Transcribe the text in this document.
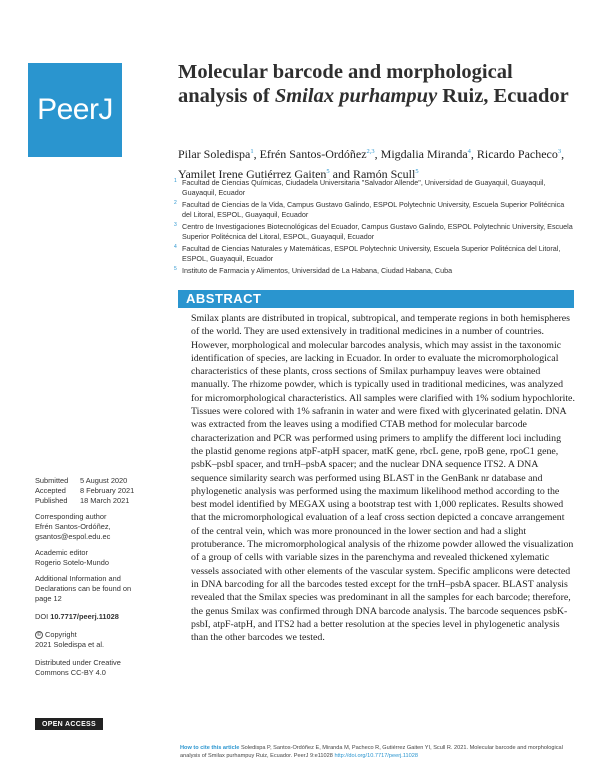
PeerJ
Molecular barcode and morphological analysis of Smilax purhampuy Ruiz, Ecuador
Pilar Soledispa$^1$, Efrén Santos-Ordóñez$^{2,3}$, Migdalia Miranda$^4$, Ricardo Pacheco$^3$, Yamilet Irene Gutiérrez Gaiten$^5$ and Ramón Scull$^5$
1 Facultad de Ciencias Químicas, Ciudadela Universitaria "Salvador Allende", Universidad de Guayaquil, Guayaquil, Guayaquil, Ecuador
2 Facultad de Ciencias de la Vida, Campus Gustavo Galindo, ESPOL Polytechnic University, Escuela Superior Politécnica del Litoral, ESPOL, Guayaquil, Ecuador
3 Centro de Investigaciones Biotecnológicas del Ecuador, Campus Gustavo Galindo, ESPOL Polytechnic University, Escuela Superior Politécnica del Litoral, ESPOL, Guayaquil, Ecuador
4 Facultad de Ciencias Naturales y Matemáticas, ESPOL Polytechnic University, Escuela Superior Politécnica del Litoral, ESPOL, Guayaquil, Ecuador
5 Instituto de Farmacia y Alimentos, Universidad de La Habana, Ciudad Habana, Cuba
ABSTRACT
Smilax plants are distributed in tropical, subtropical, and temperate regions in both hemispheres of the world. They are used extensively in traditional medicines in a number of countries. However, morphological and molecular barcodes analysis, which may assist in the taxonomic identification of species, are lacking in Ecuador. In order to evaluate the micromorphological characteristics of these plants, cross sections of Smilax purhampuy leaves were obtained manually. The rhizome powder, which is typically used in traditional medicines, was analyzed for micromorphological characteristics. All samples were clarified with 1% sodium hypochlorite. Tissues were colored with 1% safranin in water and were fixed with glycerinated gelatin. DNA was extracted from the leaves using a modified CTAB method for molecular barcode characterization and PCR was performed using primers to amplify the different loci including the plastid genome regions atpF-atpH spacer, matK gene, rbcL gene, rpoB gene, rpoC1 gene, psbK–psbI spacer, and trnH–psbA spacer; and the nuclear DNA sequence ITS2. A DNA sequence similarity search was performed using BLAST in the GenBank nr database and phylogenetic analysis was performed using the maximum likelihood method according to the best model identified by MEGAX using a bootstrap test with 1,000 replicates. Results showed that the micromorphological evaluation of a leaf cross section depicted a concave arrangement of the central vein, which was more pronounced in the lower section and had a slight protuberance. The micromorphological analysis of the rhizome powder allowed the visualization of a group of cells with variable sizes in the parenchyma and revealed thickened xylematic vessels associated with other elements of the vascular system. Specific amplicons were detected in DNA barcoding for all the barcodes tested except for the trnH–psbA spacer. BLAST analysis revealed that the Smilax species was predominant in all the samples for each barcode; therefore, the genus Smilax was confirmed through DNA barcode analysis. The barcode sequences psbK-psbI, atpF-atpH, and ITS2 had a better resolution at the species level in phylogenetic analysis than the other barcodes we tested.
Submitted 5 August 2020
Accepted 8 February 2021
Published 18 March 2021
Corresponding author
Efrén Santos-Ordóñez,
gsantos@espol.edu.ec
Academic editor
Rogerio Sotelo-Mundo
Additional Information and Declarations can be found on page 12
DOI 10.7717/peerj.11028
© Copyright
2021 Soledispa et al.
Distributed under Creative Commons CC-BY 4.0
OPEN ACCESS
How to cite this article Soledispa P, Santos-Ordóñez E, Miranda M, Pacheco R, Gutiérrez Gaiten YI, Scull R. 2021. Molecular barcode and morphological analysis of Smilax purhampuy Ruiz, Ecuador. PeerJ 9:e11028 http://doi.org/10.7717/peerj.11028
